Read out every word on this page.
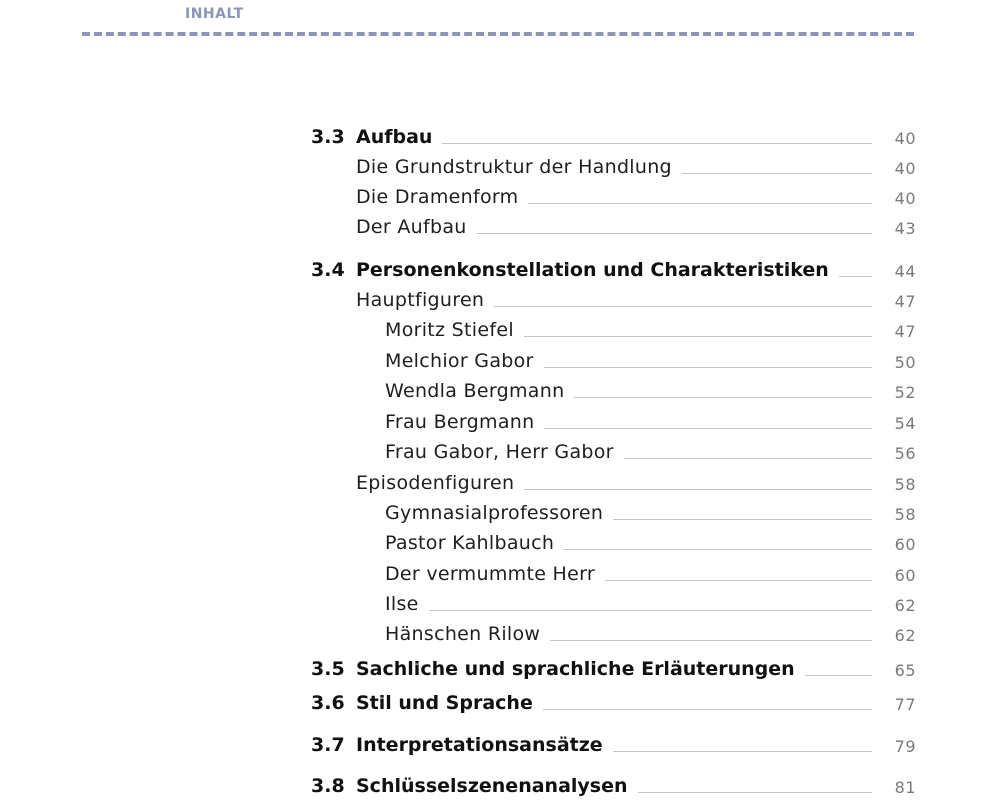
INHALT
3.3 Aufbau	40
Die Grundstruktur der Handlung	40
Die Dramenform	40
Der Aufbau	43
3.4 Personenkonstellation und Charakteristiken	44
Hauptfiguren	47
Moritz Stiefel	47
Melchior Gabor	50
Wendla Bergmann	52
Frau Bergmann	54
Frau Gabor, Herr Gabor	56
Episodenfiguren	58
Gymnasialprofessoren	58
Pastor Kahlbauch	60
Der vermummte Herr	60
Ilse	62
Hänschen Rilow	62
3.5 Sachliche und sprachliche Erläuterungen	65
3.6 Stil und Sprache	77
3.7 Interpretationsansätze	79
3.8 Schlüsselszenenanalysen	81
